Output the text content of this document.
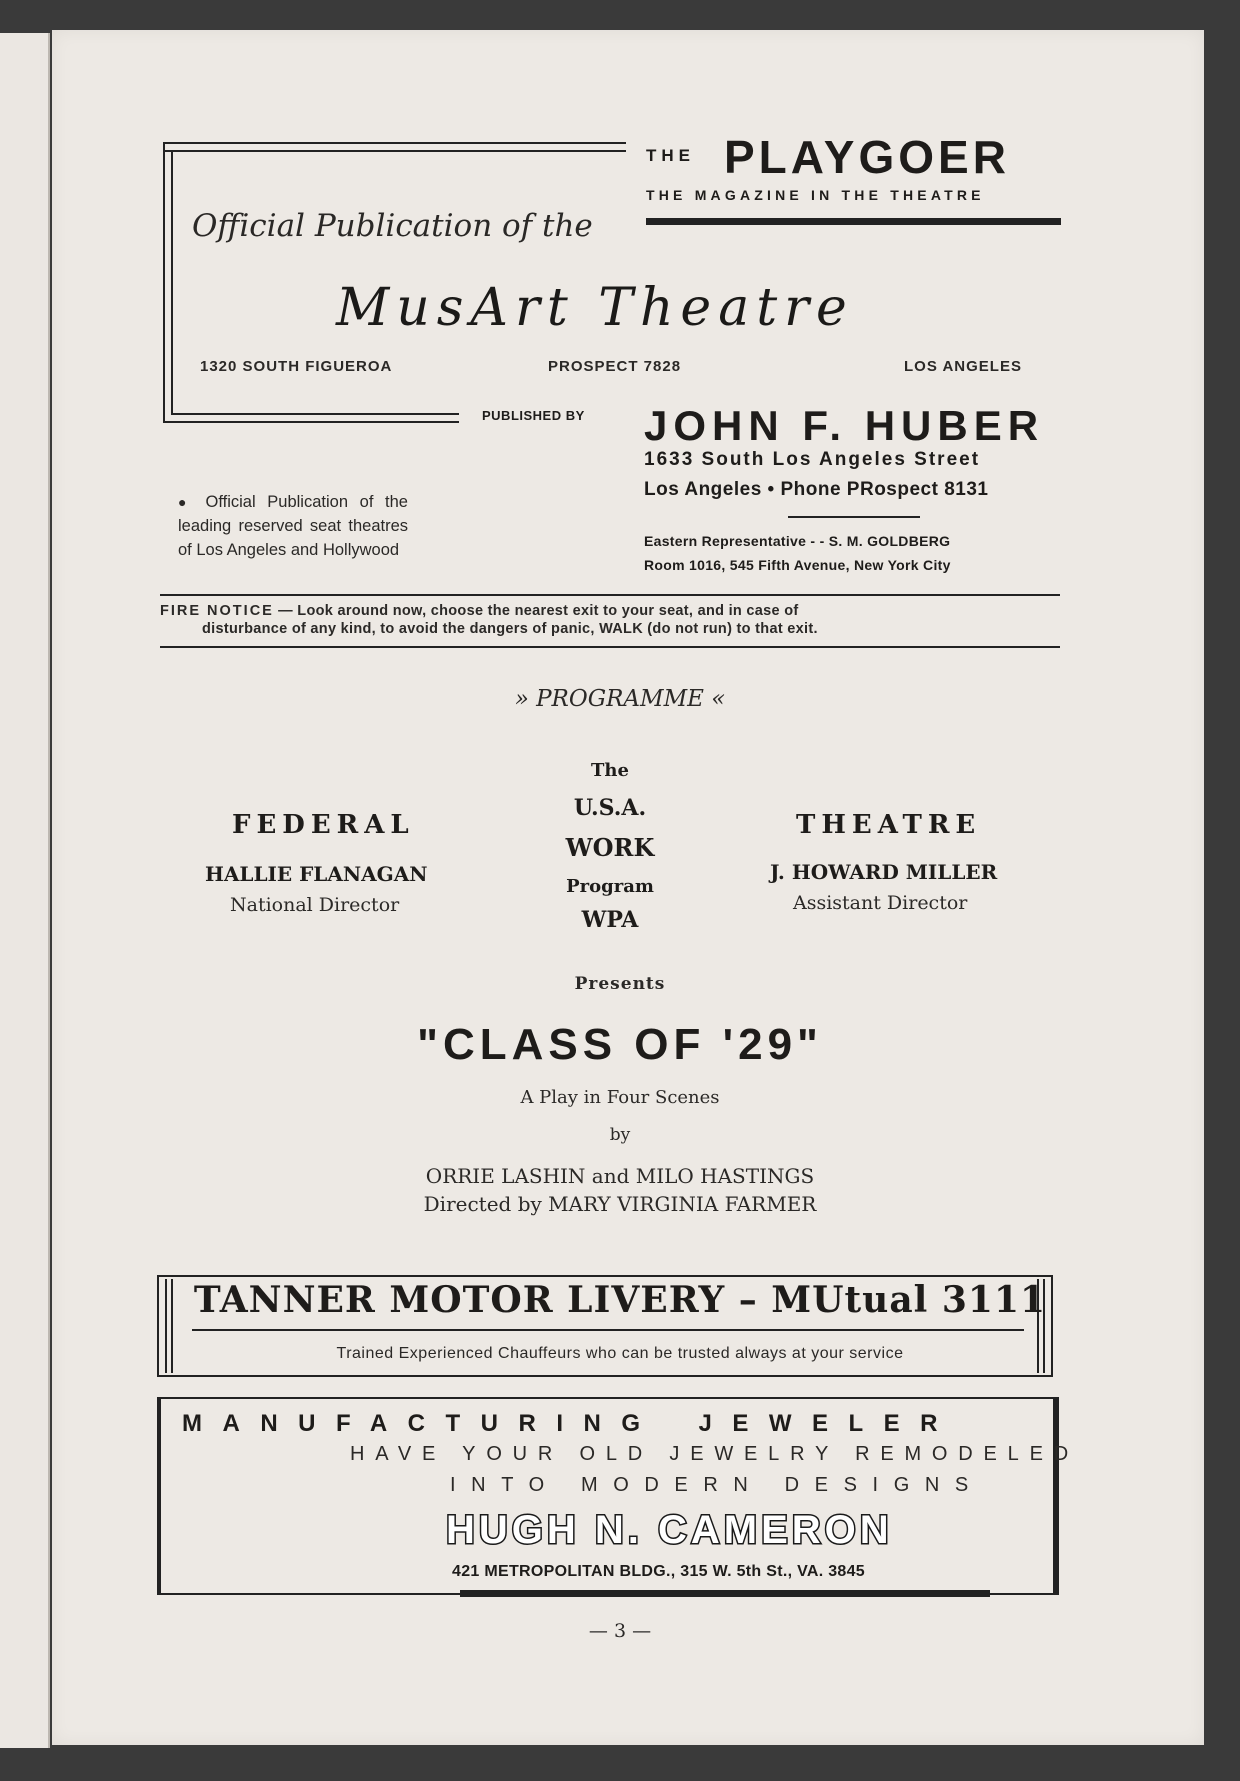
THE PLAYGOER
THE MAGAZINE IN THE THEATRE
Official Publication of the
MusArt Theatre
1320 SOUTH FIGUEROA	PROSPECT 7828	LOS ANGELES
PUBLISHED BY JOHN F. HUBER
1633 South Los Angeles Street
Los Angeles • Phone PRospect 8131
Eastern Representative - - S. M. GOLDBERG
Room 1016, 545 Fifth Avenue, New York City
● Official Publication of the leading reserved seat theatres of Los Angeles and Hollywood
FIRE NOTICE — Look around now, choose the nearest exit to your seat, and in case of
disturbance of any kind, to avoid the dangers of panic, WALK (do not run) to that exit.
» PROGRAMME «
FEDERAL
HALLIE FLANAGAN
National Director
The
U.S.A.
WORK
Program
WPA
THEATRE
J. HOWARD MILLER
Assistant Director
Presents
"CLASS OF '29"
A Play in Four Scenes
by
ORRIE LASHIN and MILO HASTINGS
Directed by MARY VIRGINIA FARMER
TANNER MOTOR LIVERY – MUtual 3111
Trained Experienced Chauffeurs who can be trusted always at your service
MANUFACTURING JEWELER
HAVE YOUR OLD JEWELRY REMODELED
INTO MODERN DESIGNS
HUGH N. CAMERON
421 METROPOLITAN BLDG., 315 W. 5th St., VA. 3845
— 3 —
